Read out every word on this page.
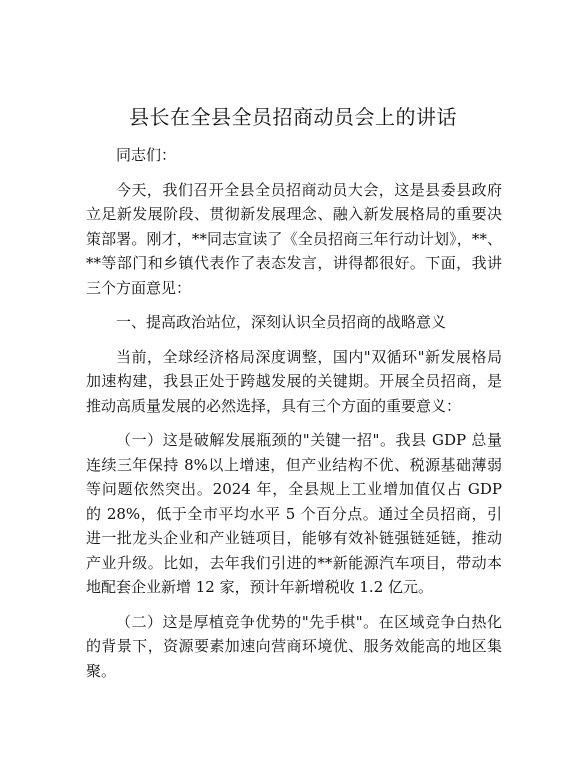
县长在全县全员招商动员会上的讲话

同志们：

今天，我们召开全县全员招商动员大会，这是县委县政府立足新发展阶段、贯彻新发展理念、融入新发展格局的重要决策部署。刚才，**同志宣读了《全员招商三年行动计划》，**、**等部门和乡镇代表作了表态发言，讲得都很好。下面，我讲三个方面意见：

一、提高政治站位，深刻认识全员招商的战略意义

当前，全球经济格局深度调整，国内"双循环"新发展格局加速构建，我县正处于跨越发展的关键期。开展全员招商，是推动高质量发展的必然选择，具有三个方面的重要意义：

（一）这是破解发展瓶颈的"关键一招"。我县 GDP 总量连续三年保持 8%以上增速，但产业结构不优、税源基础薄弱等问题依然突出。2024 年，全县规上工业增加值仅占 GDP 的 28%，低于全市平均水平 5 个百分点。通过全员招商，引进一批龙头企业和产业链项目，能够有效补链强链延链，推动产业升级。比如，去年我们引进的**新能源汽车项目，带动本地配套企业新增 12 家，预计年新增税收 1.2 亿元。

（二）这是厚植竞争优势的"先手棋"。在区域竞争白热化的背景下，资源要素加速向营商环境优、服务效能高的地区集聚。
